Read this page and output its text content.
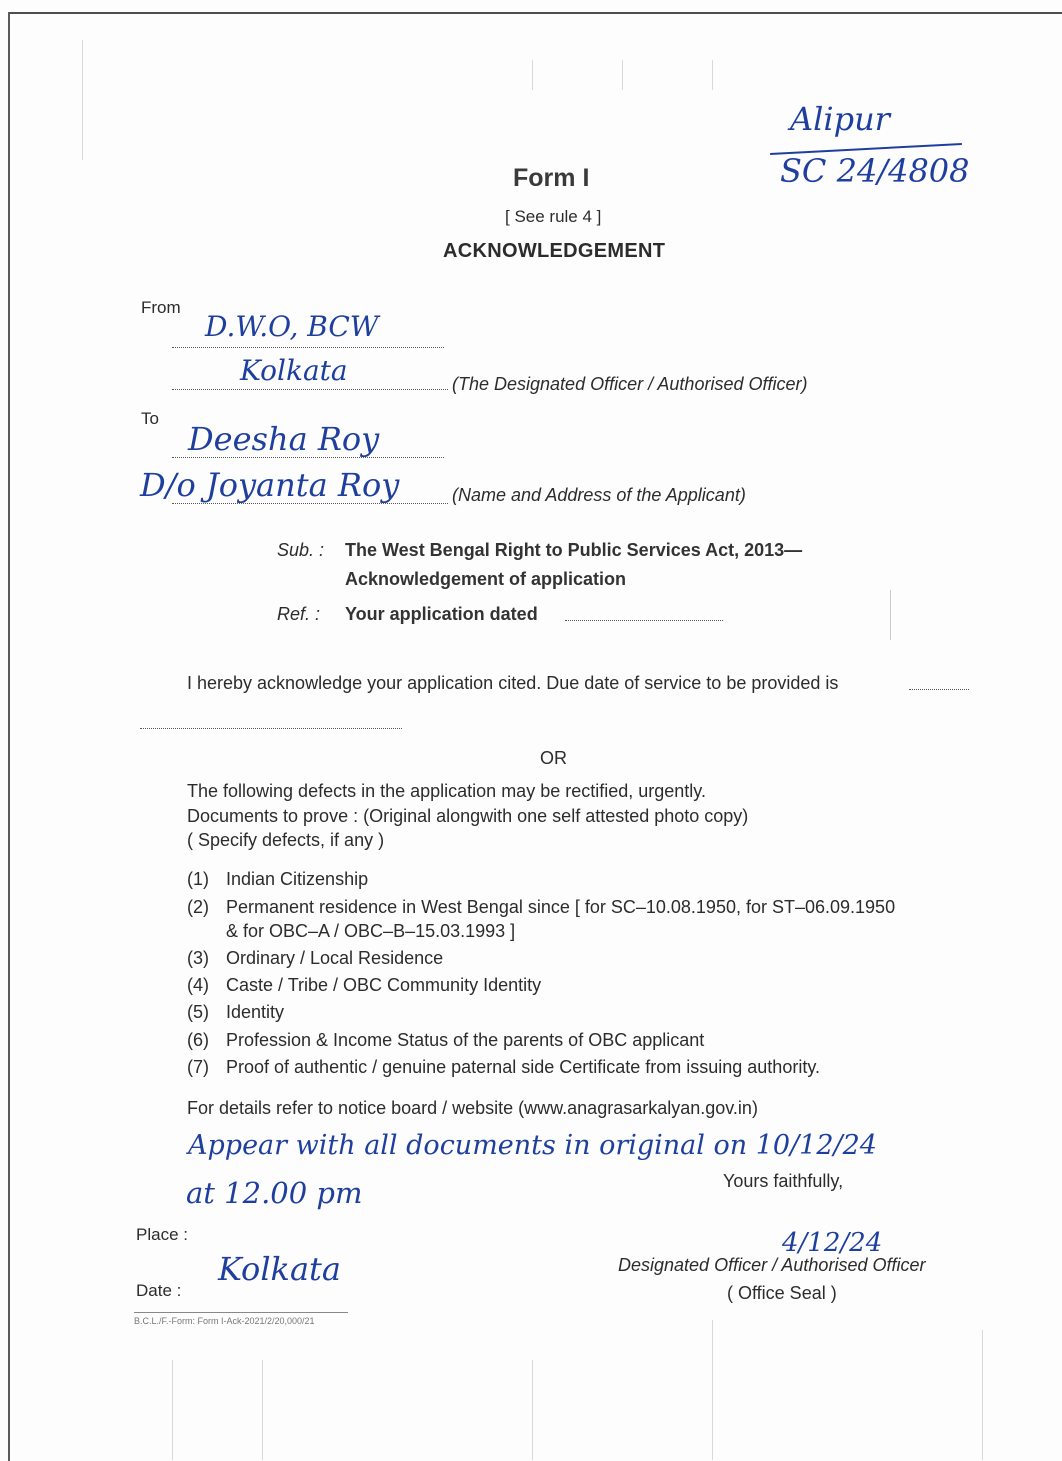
Alipur
SC 24/4808
Form I
[ See rule 4 ]
ACKNOWLEDGEMENT
From
D.W.O, BCW
Kolkata	(The Designated Officer / Authorised Officer)
To
Deesha Roy
D/o Joyanta Roy	(Name and Address of the Applicant)
Sub. : The West Bengal Right to Public Services Act, 2013—
Acknowledgement of application
Ref. : Your application dated
I hereby acknowledge your application cited. Due date of service to be provided is
OR
The following defects in the application may be rectified, urgently.
Documents to prove : (Original alongwith one self attested photo copy)
( Specify defects, if any )
(1) Indian Citizenship
(2) Permanent residence in West Bengal since [ for SC–10.08.1950, for ST–06.09.1950
& for OBC–A / OBC–B–15.03.1993 ]
(3) Ordinary / Local Residence
(4) Caste / Tribe / OBC Community Identity
(5) Identity
(6) Profession & Income Status of the parents of OBC applicant
(7) Proof of authentic / genuine paternal side Certificate from issuing authority.
For details refer to notice board / website (www.anagrasarkalyan.gov.in)
Appear with all documents in original on 10/12/24
at 12.00 pm	Yours faithfully,
4/12/24
Designated Officer / Authorised Officer
( Office Seal )
Place :
Kolkata
Date :
B.C.L./F.-Form: Form I-Ack-2021/2/20,000/21
